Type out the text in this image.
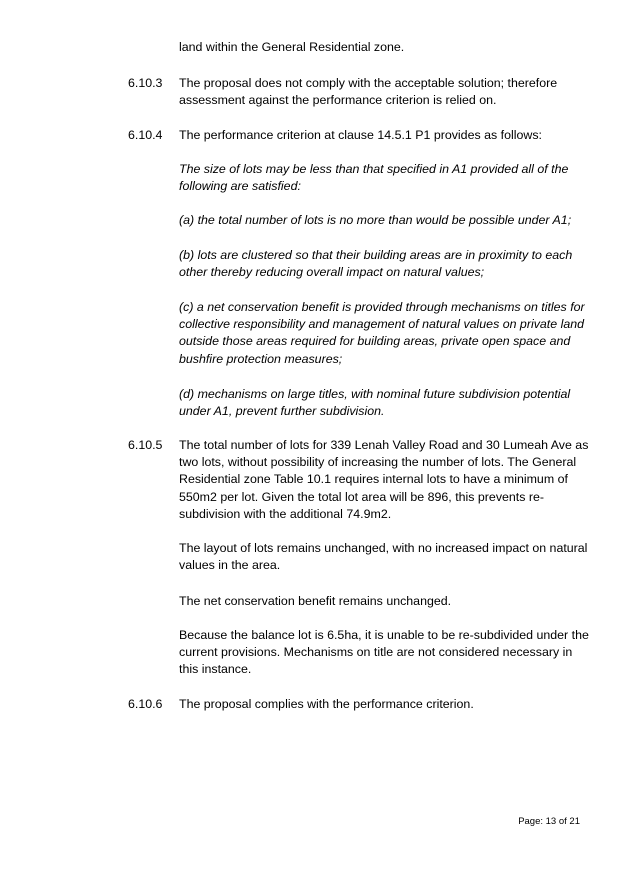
land within the General Residential zone.

6.10.3 The proposal does not comply with the acceptable solution; therefore assessment against the performance criterion is relied on.

6.10.4 The performance criterion at clause 14.5.1 P1 provides as follows:

The size of lots may be less than that specified in A1 provided all of the following are satisfied:

(a) the total number of lots is no more than would be possible under A1;

(b) lots are clustered so that their building areas are in proximity to each other thereby reducing overall impact on natural values;

(c) a net conservation benefit is provided through mechanisms on titles for collective responsibility and management of natural values on private land outside those areas required for building areas, private open space and bushfire protection measures;

(d) mechanisms on large titles, with nominal future subdivision potential under A1, prevent further subdivision.

6.10.5 The total number of lots for 339 Lenah Valley Road and 30 Lumeah Ave as two lots, without possibility of increasing the number of lots. The General Residential zone Table 10.1 requires internal lots to have a minimum of 550m2 per lot. Given the total lot area will be 896, this prevents re-subdivision with the additional 74.9m2.

The layout of lots remains unchanged, with no increased impact on natural values in the area.

The net conservation benefit remains unchanged.

Because the balance lot is 6.5ha, it is unable to be re-subdivided under the current provisions. Mechanisms on title are not considered necessary in this instance.

6.10.6 The proposal complies with the performance criterion.

Page: 13 of 21
